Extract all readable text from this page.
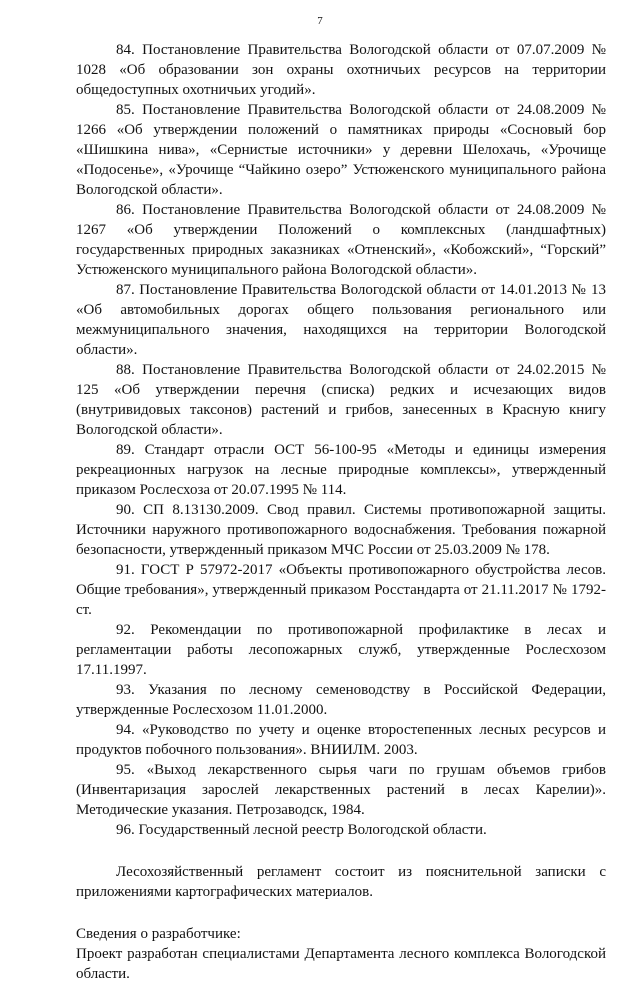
7

84. Постановление Правительства Вологодской области от 07.07.2009 № 1028 «Об образовании зон охраны охотничьих ресурсов на территории общедоступных охотничьих угодий».

85. Постановление Правительства Вологодской области от 24.08.2009 № 1266 «Об утверждении положений о памятниках природы «Сосновый бор «Шишкина нива», «Сернистые источники» у деревни Шелохачь, «Урочище «Подосенье», «Урочище “Чайкино озеро” Устюженского муниципального района Вологодской области».

86. Постановление Правительства Вологодской области от 24.08.2009 № 1267 «Об утверждении Положений о комплексных (ландшафтных) государственных природных заказниках «Отненский», «Кобожский», “Горский” Устюженского муниципального района Вологодской области».

87. Постановление Правительства Вологодской области от 14.01.2013 № 13 «Об автомобильных дорогах общего пользования регионального или межмуниципального значения, находящихся на территории Вологодской области».

88. Постановление Правительства Вологодской области от 24.02.2015 № 125 «Об утверждении перечня (списка) редких и исчезающих видов (внутривидовых таксонов) растений и грибов, занесенных в Красную книгу Вологодской области».

89. Стандарт отрасли ОСТ 56-100-95 «Методы и единицы измерения рекреационных нагрузок на лесные природные комплексы», утвержденный приказом Рослесхоза от 20.07.1995 № 114.

90. СП 8.13130.2009. Свод правил. Системы противопожарной защиты. Источники наружного противопожарного водоснабжения. Требования пожарной безопасности, утвержденный приказом МЧС России от 25.03.2009 № 178.

91. ГОСТ Р 57972-2017 «Объекты противопожарного обустройства лесов. Общие требования», утвержденный приказом Росстандарта от 21.11.2017 № 1792-ст.

92. Рекомендации по противопожарной профилактике в лесах и регламентации работы лесопожарных служб, утвержденные Рослесхозом 17.11.1997.

93. Указания по лесному семеноводству в Российской Федерации, утвержденные Рослесхозом 11.01.2000.

94. «Руководство по учету и оценке второстепенных лесных ресурсов и продуктов побочного пользования». ВНИИЛМ. 2003.

95. «Выход лекарственного сырья чаги по грушам объемов грибов (Инвентаризация зарослей лекарственных растений в лесах Карелии)». Методические указания. Петрозаводск, 1984.

96. Государственный лесной реестр Вологодской области.

Лесохозяйственный регламент состоит из пояснительной записки с приложениями картографических материалов.

Сведения о разработчике:

Проект разработан специалистами Департамента лесного комплекса Вологодской области.
